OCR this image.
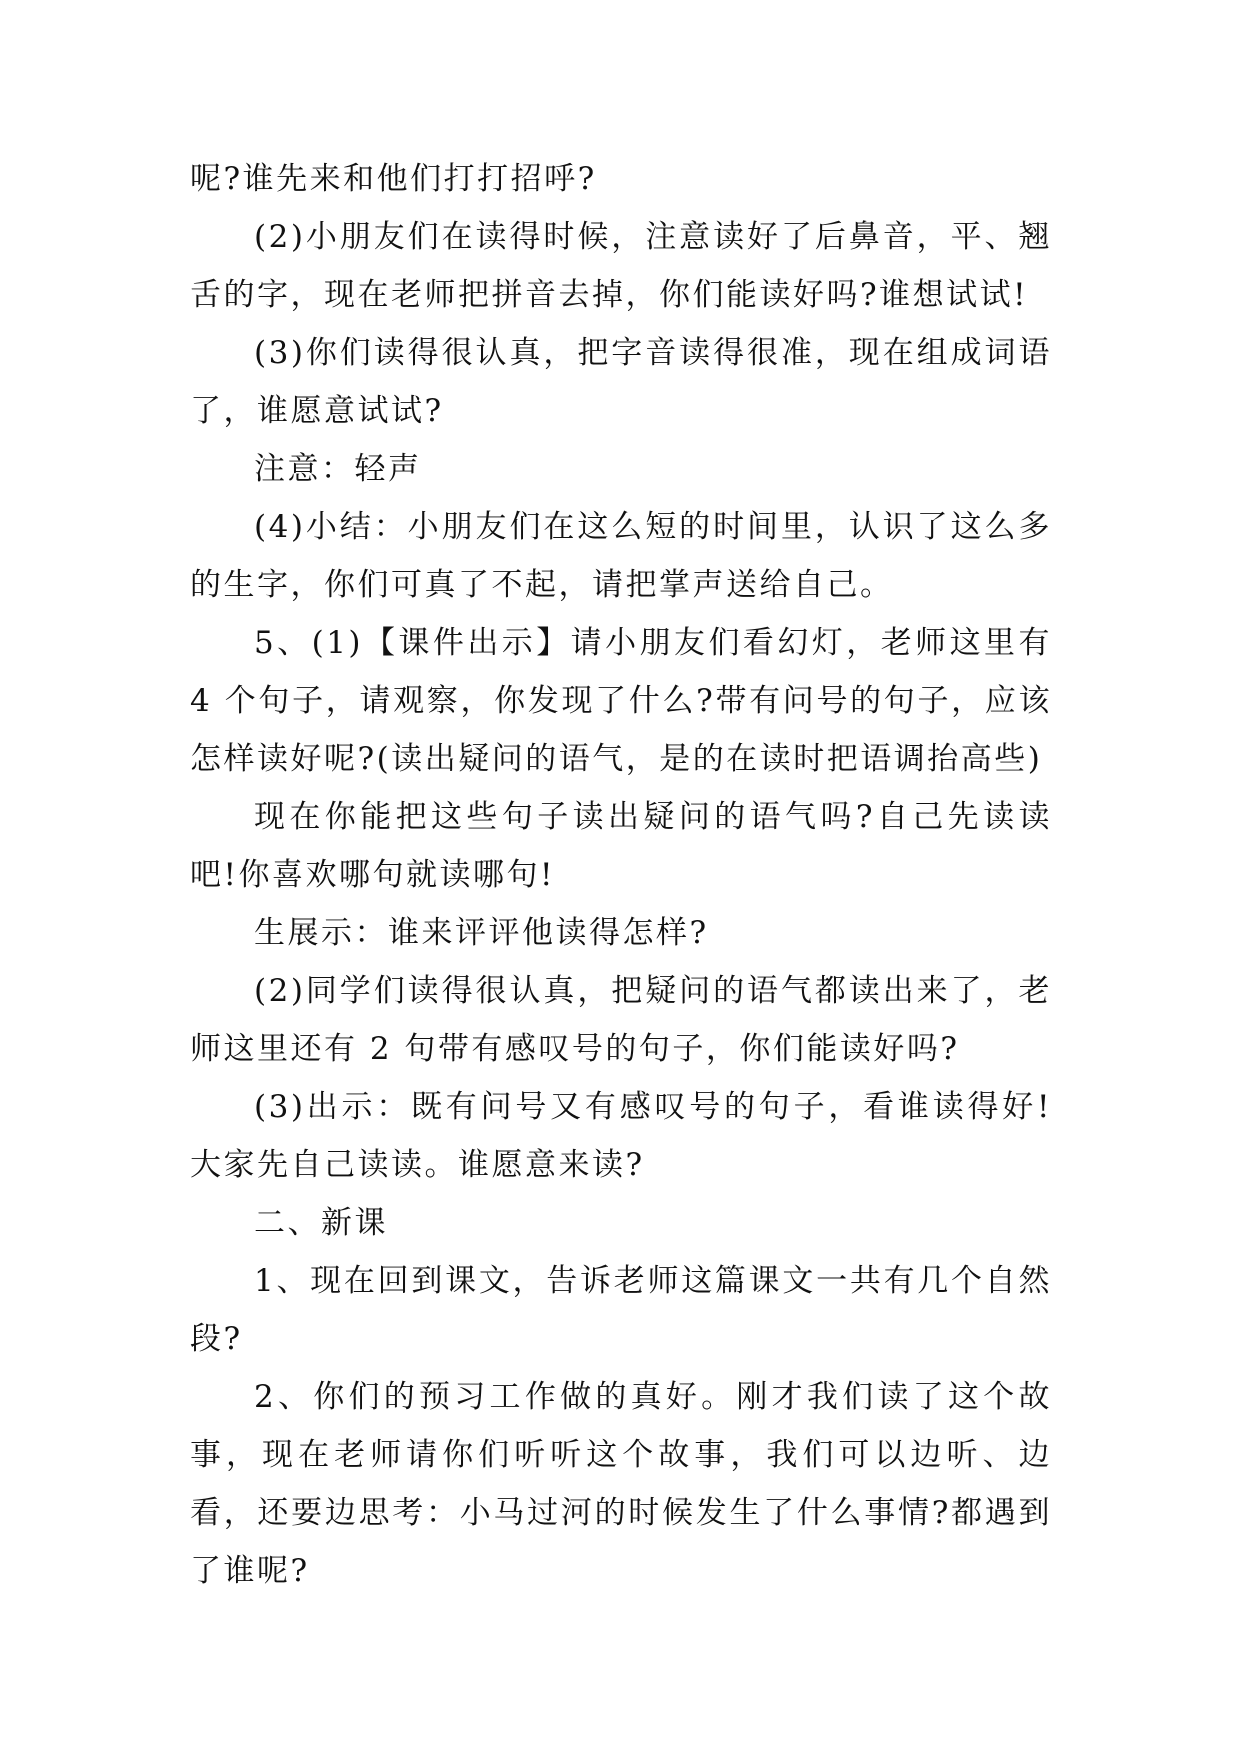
呢?谁先来和他们打打招呼?

(2)小朋友们在读得时候，注意读好了后鼻音，平、翘舌的字，现在老师把拼音去掉，你们能读好吗?谁想试试!

(3)你们读得很认真，把字音读得很准，现在组成词语了，谁愿意试试?

注意：轻声

(4)小结：小朋友们在这么短的时间里，认识了这么多的生字，你们可真了不起，请把掌声送给自己。

5、(1)【课件出示】请小朋友们看幻灯，老师这里有 4 个句子，请观察，你发现了什么?带有问号的句子，应该怎样读好呢?(读出疑问的语气，是的在读时把语调抬高些)

现在你能把这些句子读出疑问的语气吗?自己先读读吧!你喜欢哪句就读哪句!

生展示：谁来评评他读得怎样?

(2)同学们读得很认真，把疑问的语气都读出来了，老师这里还有 2 句带有感叹号的句子，你们能读好吗?

(3)出示：既有问号又有感叹号的句子，看谁读得好!大家先自己读读。谁愿意来读?

二、新课

1、现在回到课文，告诉老师这篇课文一共有几个自然段?

2、你们的预习工作做的真好。刚才我们读了这个故事，现在老师请你们听听这个故事，我们可以边听、边看，还要边思考：小马过河的时候发生了什么事情?都遇到了谁呢?
